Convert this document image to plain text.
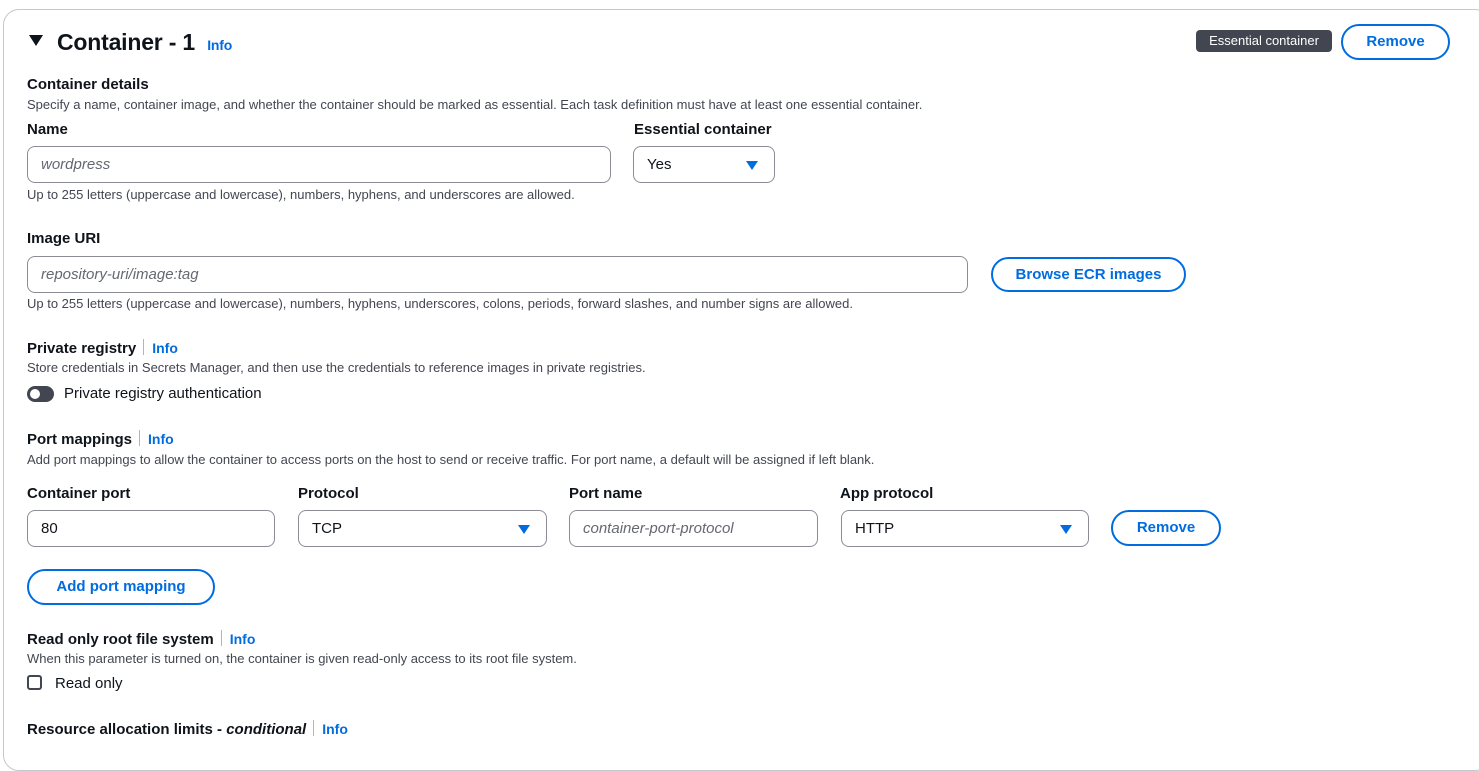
Container - 1 Info	Essential container	Remove
Container details
Specify a name, container image, and whether the container should be marked as essential. Each task definition must have at least one essential container.
Name
wordpress
Up to 255 letters (uppercase and lowercase), numbers, hyphens, and underscores are allowed.
Essential container
Yes
Image URI
repository-uri/image:tag	Browse ECR images
Up to 255 letters (uppercase and lowercase), numbers, hyphens, underscores, colons, periods, forward slashes, and number signs are allowed.
Private registry Info
Store credentials in Secrets Manager, and then use the credentials to reference images in private registries.
Private registry authentication
Port mappings Info
Add port mappings to allow the container to access ports on the host to send or receive traffic. For port name, a default will be assigned if left blank.
Container port	Protocol	Port name	App protocol
80	TCP	container-port-protocol	HTTP	Remove
Add port mapping
Read only root file system Info
When this parameter is turned on, the container is given read-only access to its root file system.
Read only
Resource allocation limits - conditional Info
